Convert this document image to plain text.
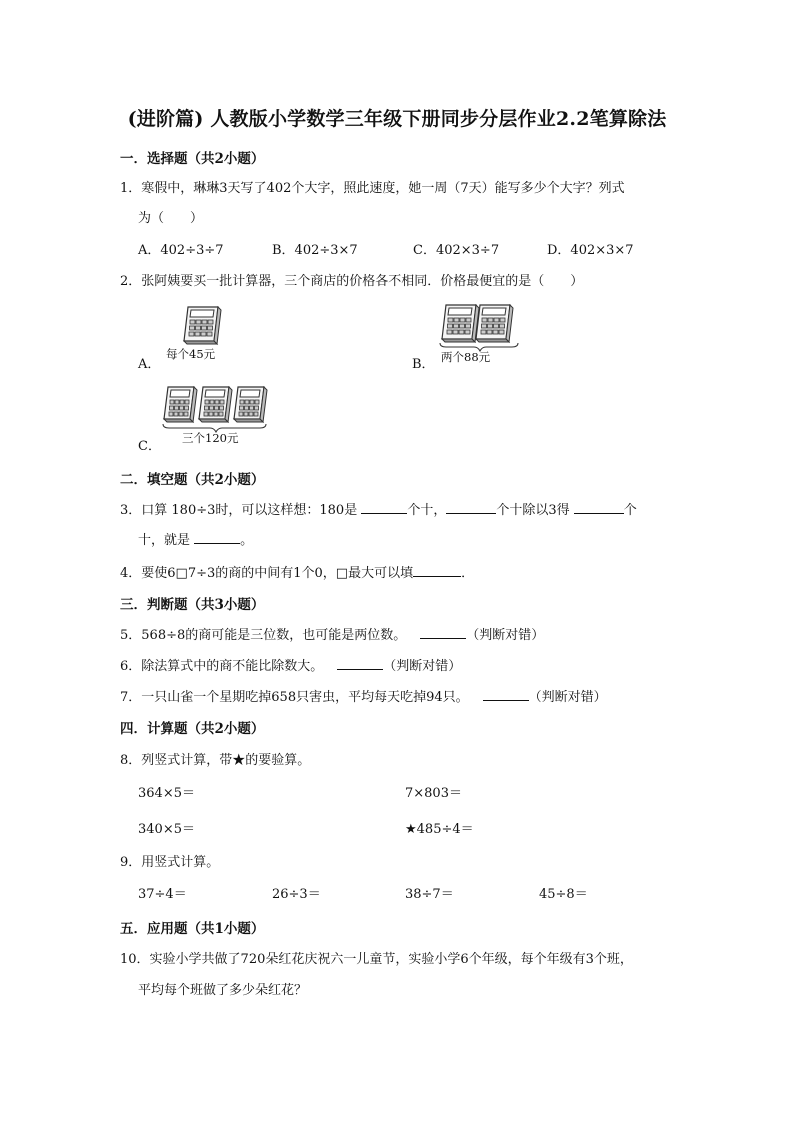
(进阶篇) 人教版小学数学三年级下册同步分层作业2.2笔算除法
一．选择题（共2小题）
1．寒假中，琳琳3天写了402个大字，照此速度，她一周（7天）能写多少个大字？列式
为（　　）
A．402÷3÷7	B．402÷3×7	C．402×3÷7	D．402×3×7
2．张阿姨要买一批计算器，三个商店的价格各不相同．价格最便宜的是（　　）
A．
每个45元
B． 两个88元
C．
三个120元
二．填空题（共2小题）
3．口算 180÷3时，可以这样想：180是	个十，	个十除以3得	个
十，就是	。
4．要使6□7÷3的商的中间有1个0，□最大可以填	．
三．判断题（共3小题）
5．568÷8的商可能是三位数，也可能是两位数。	（判断对错）
6．除法算式中的商不能比除数大。	（判断对错）
7．一只山雀一个星期吃掉658只害虫，平均每天吃掉94只。	（判断对错）
四．计算题（共2小题）
8．列竖式计算，带★的要验算。
364×5＝	7×803＝
340×5＝	★485÷4＝
9．用竖式计算。
37÷4＝	26÷3＝	38÷7＝	45÷8＝
五．应用题（共1小题）
10．实验小学共做了720朵红花庆祝六一儿童节，实验小学6个年级，每个年级有3个班，
平均每个班做了多少朵红花？
